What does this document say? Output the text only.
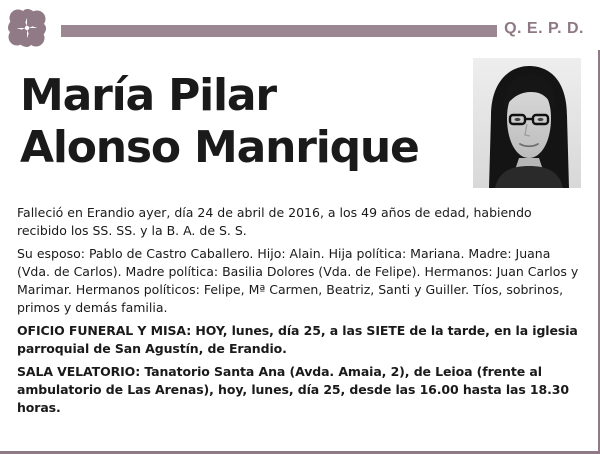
Q. E. P. D.
María Pilar
Alonso Manrique

Falleció en Erandio ayer, día 24 de abril de 2016, a los 49 años de edad, habiendo recibido los SS. SS. y la B. A. de S. S.

Su esposo: Pablo de Castro Caballero. Hijo: Alain. Hija política: Mariana. Madre: Juana (Vda. de Carlos). Madre política: Basilia Dolores (Vda. de Felipe). Hermanos: Juan Carlos y Marimar. Hermanos políticos: Felipe, Mª Carmen, Beatriz, Santi y Guiller. Tíos, sobrinos, primos y demás familia.

OFICIO FUNERAL Y MISA: HOY, lunes, día 25, a las SIETE de la tarde, en la iglesia parroquial de San Agustín, de Erandio.

SALA VELATORIO: Tanatorio Santa Ana (Avda. Amaia, 2), de Leioa (frente al ambulatorio de Las Arenas), hoy, lunes, día 25, desde las 16.00 hasta las 18.30 horas.
